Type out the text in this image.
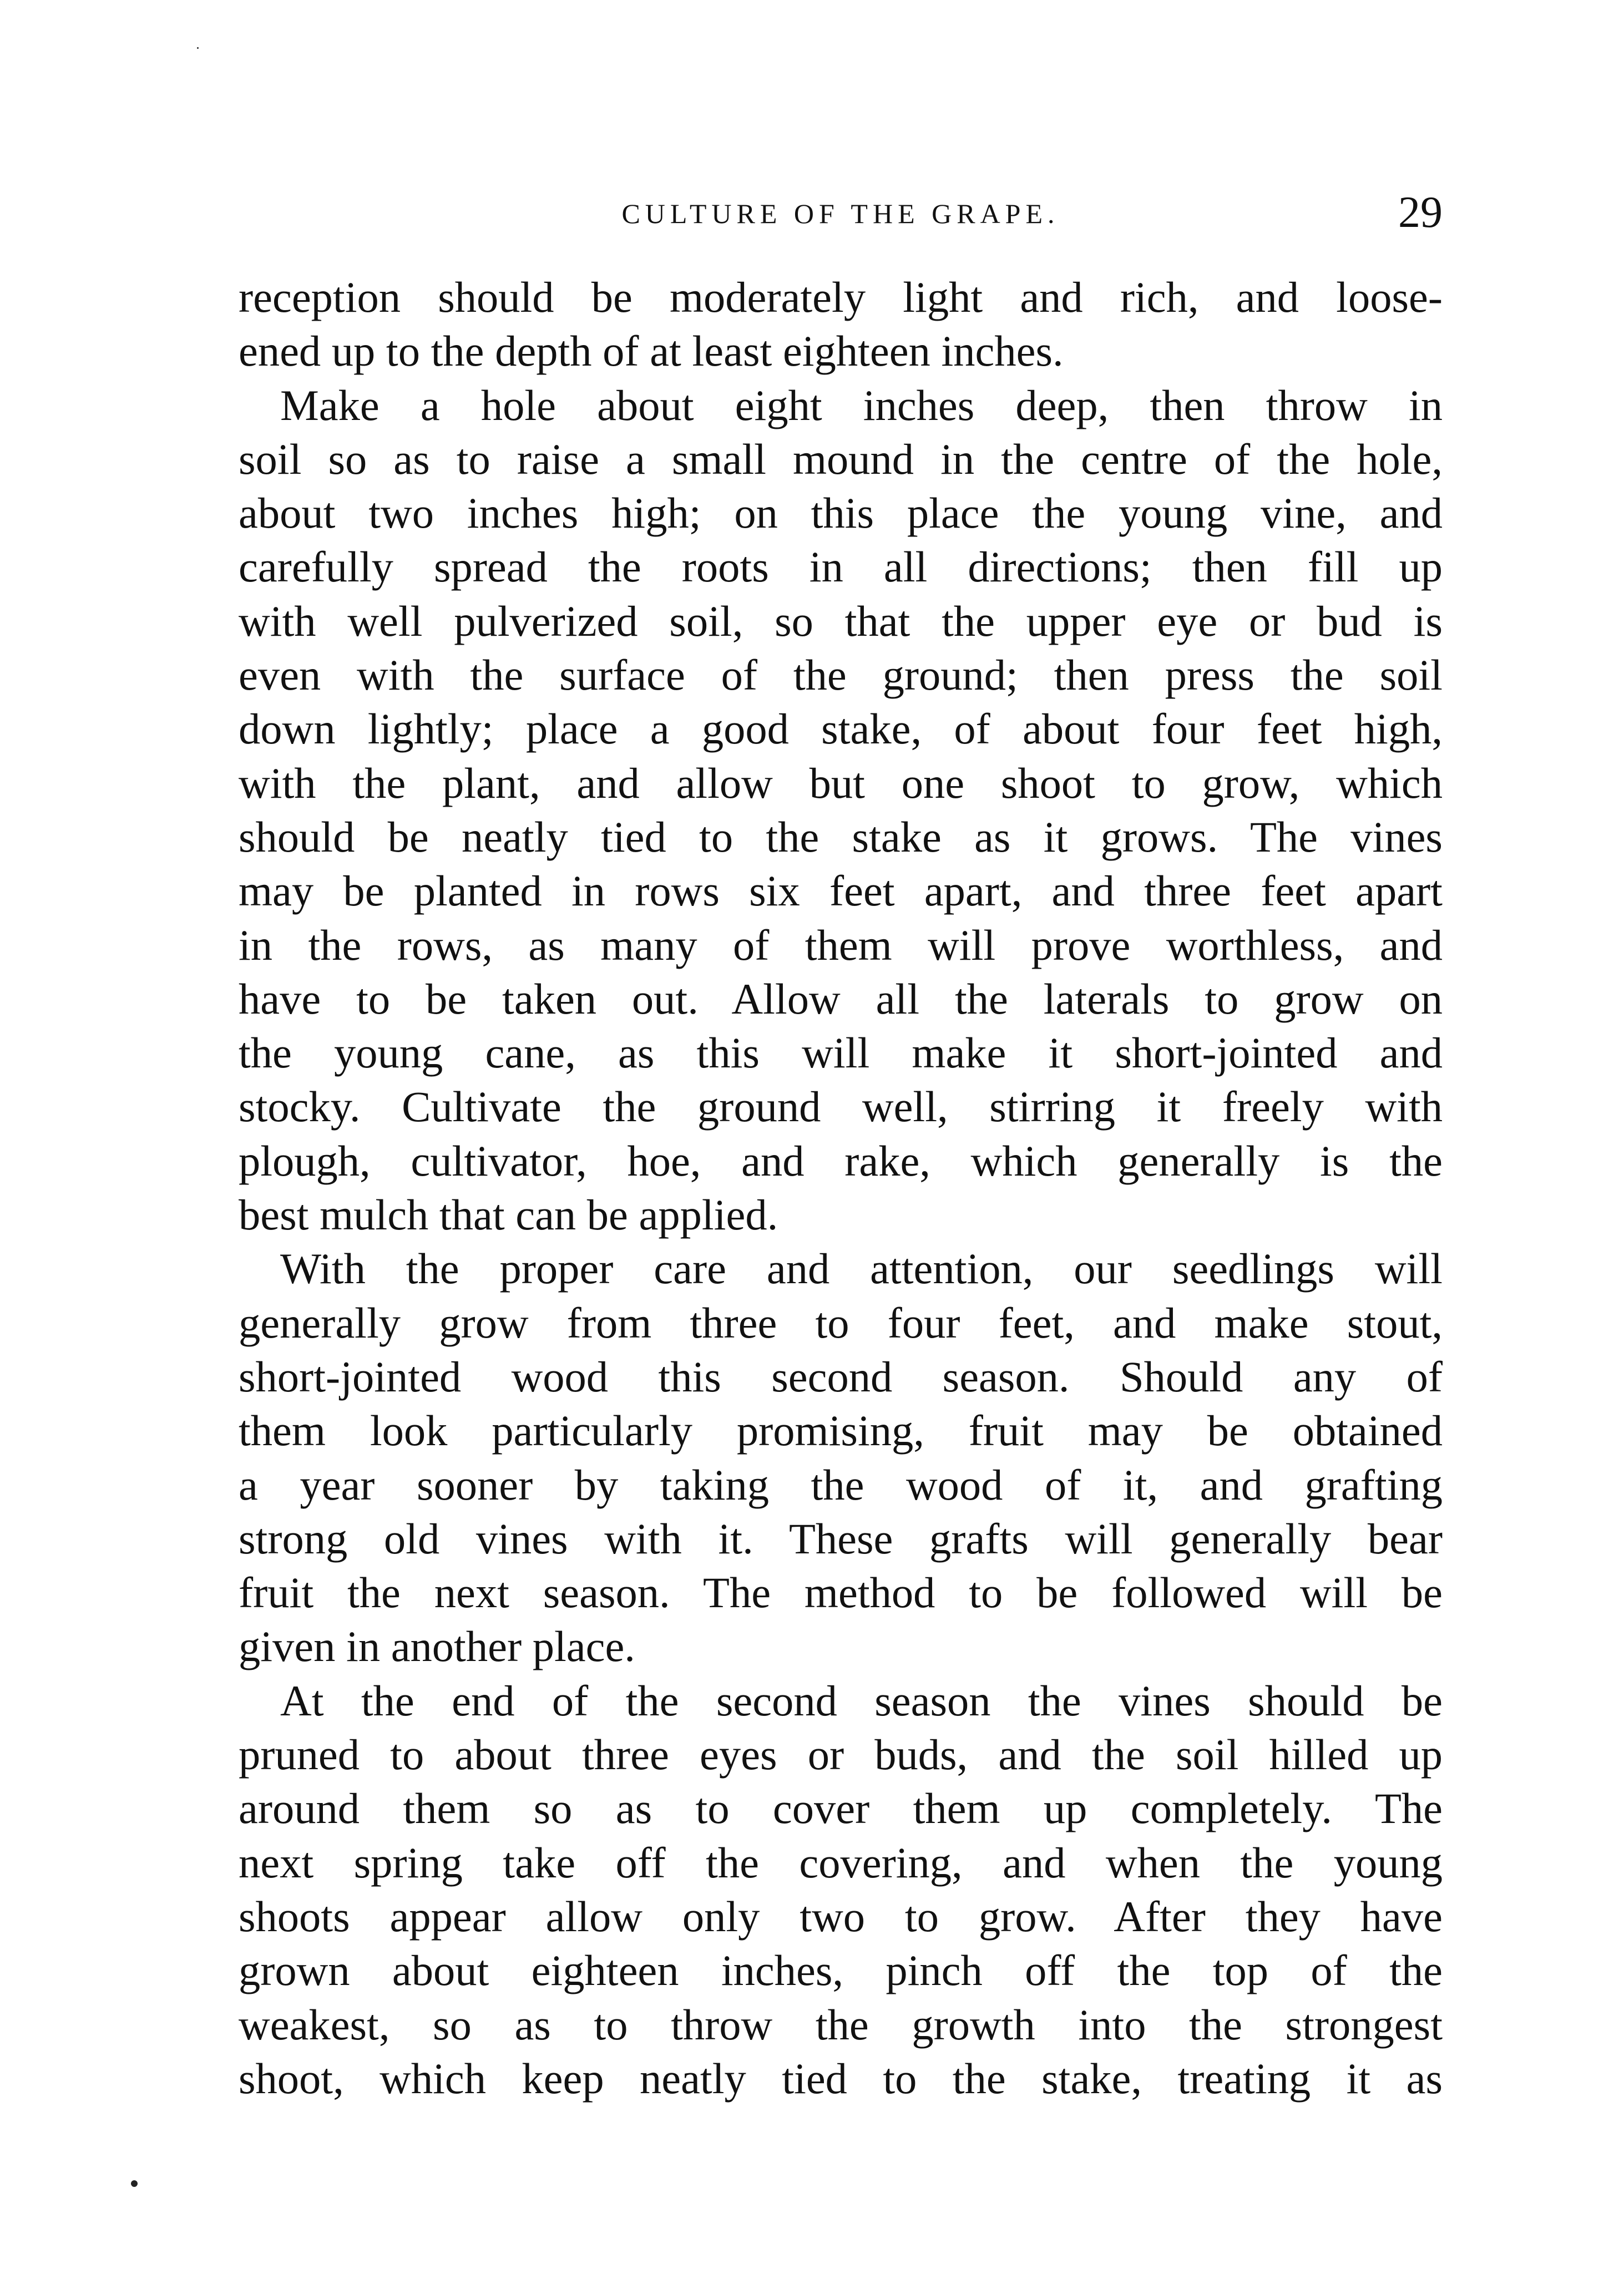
CULTURE OF THE GRAPE.	29
reception should be moderately light and rich, and loose-
ened up to the depth of at least eighteen inches.
Make a hole about eight inches deep, then throw in
soil so as to raise a small mound in the centre of the hole,
about two inches high; on this place the young vine, and
carefully spread the roots in all directions; then fill up
with well pulverized soil, so that the upper eye or bud is
even with the surface of the ground; then press the soil
down lightly; place a good stake, of about four feet high,
with the plant, and allow but one shoot to grow, which
should be neatly tied to the stake as it grows. The vines
may be planted in rows six feet apart, and three feet apart
in the rows, as many of them will prove worthless, and
have to be taken out. Allow all the laterals to grow on
the young cane, as this will make it short-jointed and
stocky. Cultivate the ground well, stirring it freely with
plough, cultivator, hoe, and rake, which generally is the
best mulch that can be applied.
With the proper care and attention, our seedlings will
generally grow from three to four feet, and make stout,
short-jointed wood this second season. Should any of
them look particularly promising, fruit may be obtained
a year sooner by taking the wood of it, and grafting
strong old vines with it. These grafts will generally bear
fruit the next season. The method to be followed will be
given in another place.
At the end of the second season the vines should be
pruned to about three eyes or buds, and the soil hilled up
around them so as to cover them up completely. The
next spring take off the covering, and when the young
shoots appear allow only two to grow. After they have
grown about eighteen inches, pinch off the top of the
weakest, so as to throw the growth into the strongest
shoot, which keep neatly tied to the stake, treating it as
